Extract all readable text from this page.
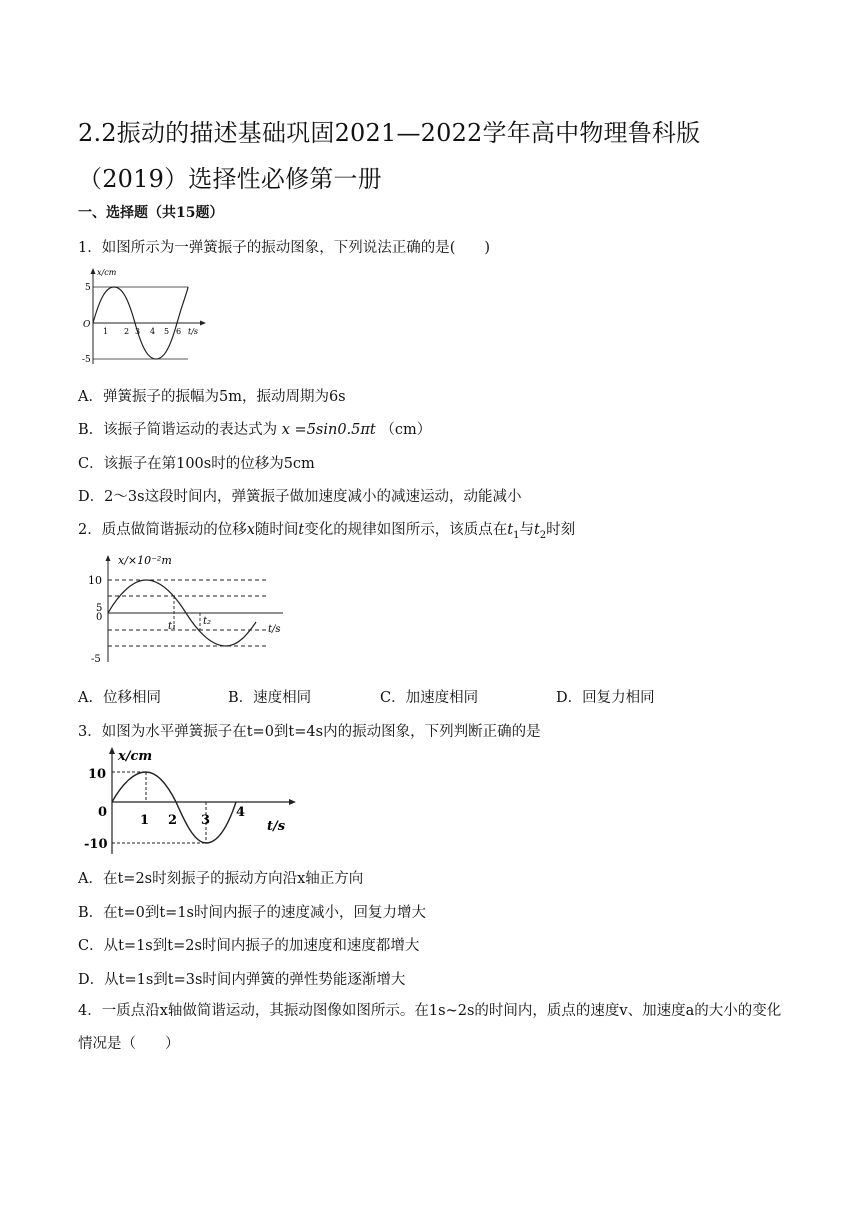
2.2振动的描述基础巩固2021—2022学年高中物理鲁科版（2019）选择性必修第一册
一、选择题（共15题）
1．如图所示为一弹簧振子的振动图象，下列说法正确的是(　　)
x/cm
5
O
-5
1 2 3 4 5 6 t/s
A．弹簧振子的振幅为5m，振动周期为6s
B．该振子简谐运动的表达式为 x =5sin0.5πt （cm）
C．该振子在第100s时的位移为5cm
D．2～3s这段时间内，弹簧振子做加速度减小的减速运动，动能减小
2．质点做简谐振动的位移x随时间t变化的规律如图所示，该质点在$t_1$与$t_2$时刻
x/×10⁻²m
10
5
0
-5
t₁	t₂
t/s
A．位移相同	B．速度相同	C．加速度相同	D．回复力相同
3．如图为水平弹簧振子在t=0到t=4s内的振动图象，下列判断正确的是
x/cm
10
0
-10
1 2 3
4
t/s
A．在t=2s时刻振子的振动方向沿x轴正方向
B．在t=0到t=1s时间内振子的速度减小，回复力增大
C．从t=1s到t=2s时间内振子的加速度和速度都增大
D．从t=1s到t=3s时间内弹簧的弹性势能逐渐增大
4．一质点沿x轴做简谐运动，其振动图像如图所示。在1s~2s的时间内，质点的速度v、加速度a的大小的变化情况是（　　）
